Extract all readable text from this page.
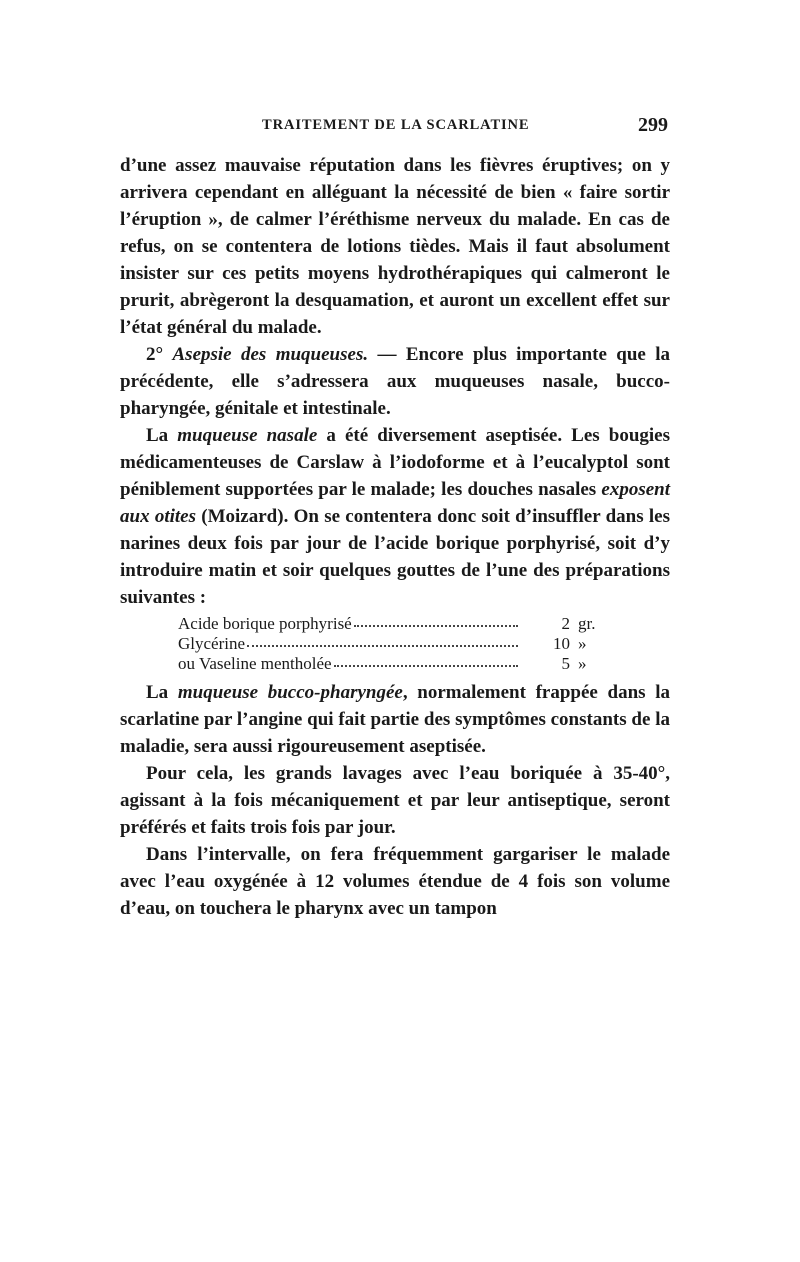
TRAITEMENT DE LA SCARLATINE	299

d’une assez mauvaise réputation dans les fièvres éruptives; on y arrivera cependant en alléguant la nécessité de bien « faire sortir l’éruption », de calmer l’éréthisme nerveux du malade. En cas de refus, on se contentera de lotions tièdes. Mais il faut absolument insister sur ces petits moyens hydrothérapiques qui calmeront le prurit, abrègeront la desquamation, et auront un excellent effet sur l’état général du malade.

2° Asepsie des muqueuses. — Encore plus importante que la précédente, elle s’adressera aux muqueuses nasale, bucco-pharyngée, génitale et intestinale.

La muqueuse nasale a été diversement aseptisée. Les bougies médicamenteuses de Carslaw à l’iodoforme et à l’eucalyptol sont péniblement supportées par le malade; les douches nasales exposent aux otites (Moizard). On se contentera donc soit d’insuffler dans les narines deux fois par jour de l’acide borique porphyrisé, soit d’y introduire matin et soir quelques gouttes de l’une des préparations suivantes :

Acide borique porphyrisé	2 gr.
Glycérine	10 »
ou Vaseline mentholée	5 »

La muqueuse bucco-pharyngée, normalement frappée dans la scarlatine par l’angine qui fait partie des symptômes constants de la maladie, sera aussi rigoureusement aseptisée.

Pour cela, les grands lavages avec l’eau boriquée à 35-40°, agissant à la fois mécaniquement et par leur antiseptique, seront préférés et faits trois fois par jour.

Dans l’intervalle, on fera fréquemment gargariser le malade avec l’eau oxygénée à 12 volumes étendue de 4 fois son volume d’eau, on touchera le pharynx avec un tampon
